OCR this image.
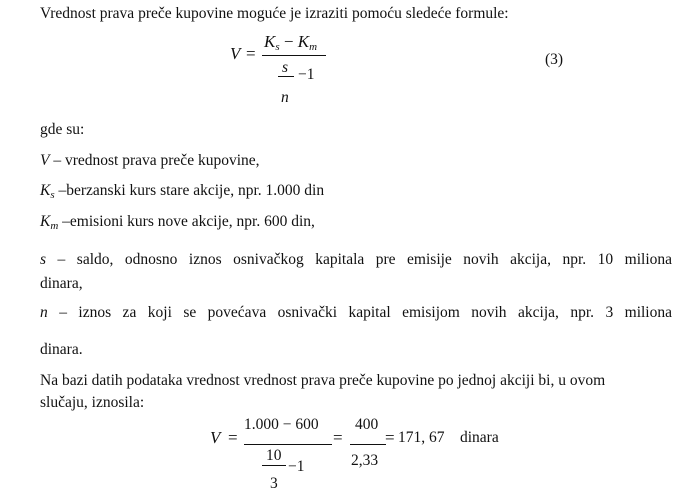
Vrednost prava preče kupovine moguće je izraziti pomoću sledeće formule:
V =
$K_s - K_m$
s −1
n
(3)
gde su:
V – vrednost prava preče kupovine,
$K_s$ –berzanski kurs stare akcije, npr. 1.000 din
$K_m$ –emisioni kurs nove akcije, npr. 600 din,
s – saldo, odnosno iznos osnivačkog kapitala pre emisije novih akcija, npr. 10 miliona
dinara,
n – iznos za koji se povećava osnivački kapital emisijom novih akcija, npr. 3 miliona
dinara.
Na bazi datih podataka vrednost vrednost prava preče kupovine po jednoj akciji bi, u ovom
slučaju, iznosila:
V =
1.000 − 600
10
−1
3
=
400
2,33
= 171, 67 dinara
